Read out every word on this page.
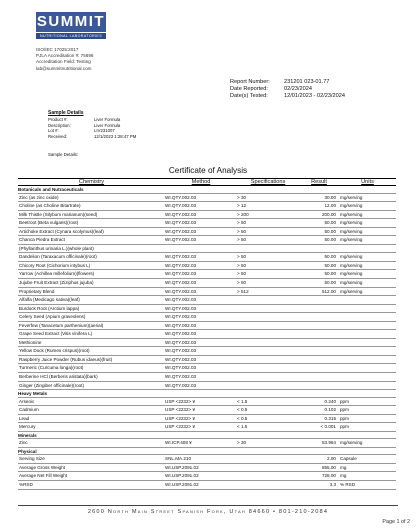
SUMMIT
NUTRITIONAL LABORATORIES
ISO/IEC 17025:2017
PJLA Accreditation #: 75696
Accreditation Field: Testing
lab@summitnutritional.com
Report Number:	231201 023-01.77
Date Reported:	02/23/2024
Date(s) Tested:	12/01/2023 - 02/23/2024
Sample Details
Product #:	Liver Formula
Description:	Liver Formula
Lot #:	LIV231007
Received:	12/1/2023 1:28:47 PM
Sample Details:
Certificate of Analysis
Chemistry	Method	Specifications	Result	Units
Botanicals and Nutraceuticals
Zinc (as zinc oxide)	WI.QTY.002.03	> 30	30.00 mg/serving
Choline (as Choline Bitartrate)	WI.QTY.002.03	> 12	12.00 mg/serving
Milk Thistle (Silybum marianum)(seed)	WI.QTY.002.03	> 200	200.00 mg/serving
Beetroot (Beta vulgaris)(root)	WI.QTY.002.03	> 50	50.00 mg/serving
Artichoke Extract (Cynara scolymus)(leaf)	WI.QTY.002.03	> 50	50.00 mg/serving
Chanca Piedra Extract	WI.QTY.002.03	> 50	50.00 mg/serving
(Phyllanthus urinaria L.)(whole plant)
Dandelion (Taraxacum officinale)(root)	WI.QTY.002.03	> 50	50.00 mg/serving
Chicory Root (Cichorium intybus L)	WI.QTY.002.03	> 50	50.00 mg/serving
Yarrow (Achillea millefolium)(flowers)	WI.QTY.002.03	> 50	50.00 mg/serving
Jujube Fruit Extract (Ziziphus jujuba)	WI.QTY.002.03	> 50	50.00 mg/serving
Proprietary Blend	WI.QTY.002.03	> 512	512.00 mg/serving
Alfalfa (Medicago sativa)(leaf)	WI.QTY.002.03
Burdock Root (Arctium lappa)	WI.QTY.002.03
Celery Seed (Apium graveolens)	WI.QTY.002.03
Feverfew (Tanacetum parthenium)(aerial)	WI.QTY.002.03
Grape Seed Extract (Vitis vinifera L)	WI.QTY.002.03
Methionine	WI.QTY.002.03
Yellow Dock (Rumex crispus)(root)	WI.QTY.002.03
Raspberry Juice Powder (Rubus idaeus)(fruit)	WI.QTY.002.03
Turmeric (Curcuma longa)(root)	WI.QTY.002.03
Berberine HCl (Berberis aristata)(bark)	WI.QTY.002.03
Ginger (Zingiber officinale)(root)	WI.QTY.002.03
Heavy Metals
Arsenic	USP <2232> ¥	< 1.5	0.240 ppm
Cadmium	USP <2232> ¥	< 0.5	0.102 ppm
Lead	USP <2232> ¥	< 0.5	0.315 ppm
Mercury	USP <2232> ¥	< 1.5	< 0.001 ppm
Minerals
Zinc	WI.ICP.408 ¥	> 30	53.964 mg/serving
Physical
Serving Size	SNL.MA.210	2.00 Capsule
Average Gross Weight	WI.USP.2091.02	855.00 mg
Average Net Fill Weight	WI.USP.2091.02	728.00 mg
%RSD	WI.USP.2091.02	3.3 % RSD
2600 North Main Street Spanish Fork, Utah 84660 • 801-210-2084
Page 1 of 2
